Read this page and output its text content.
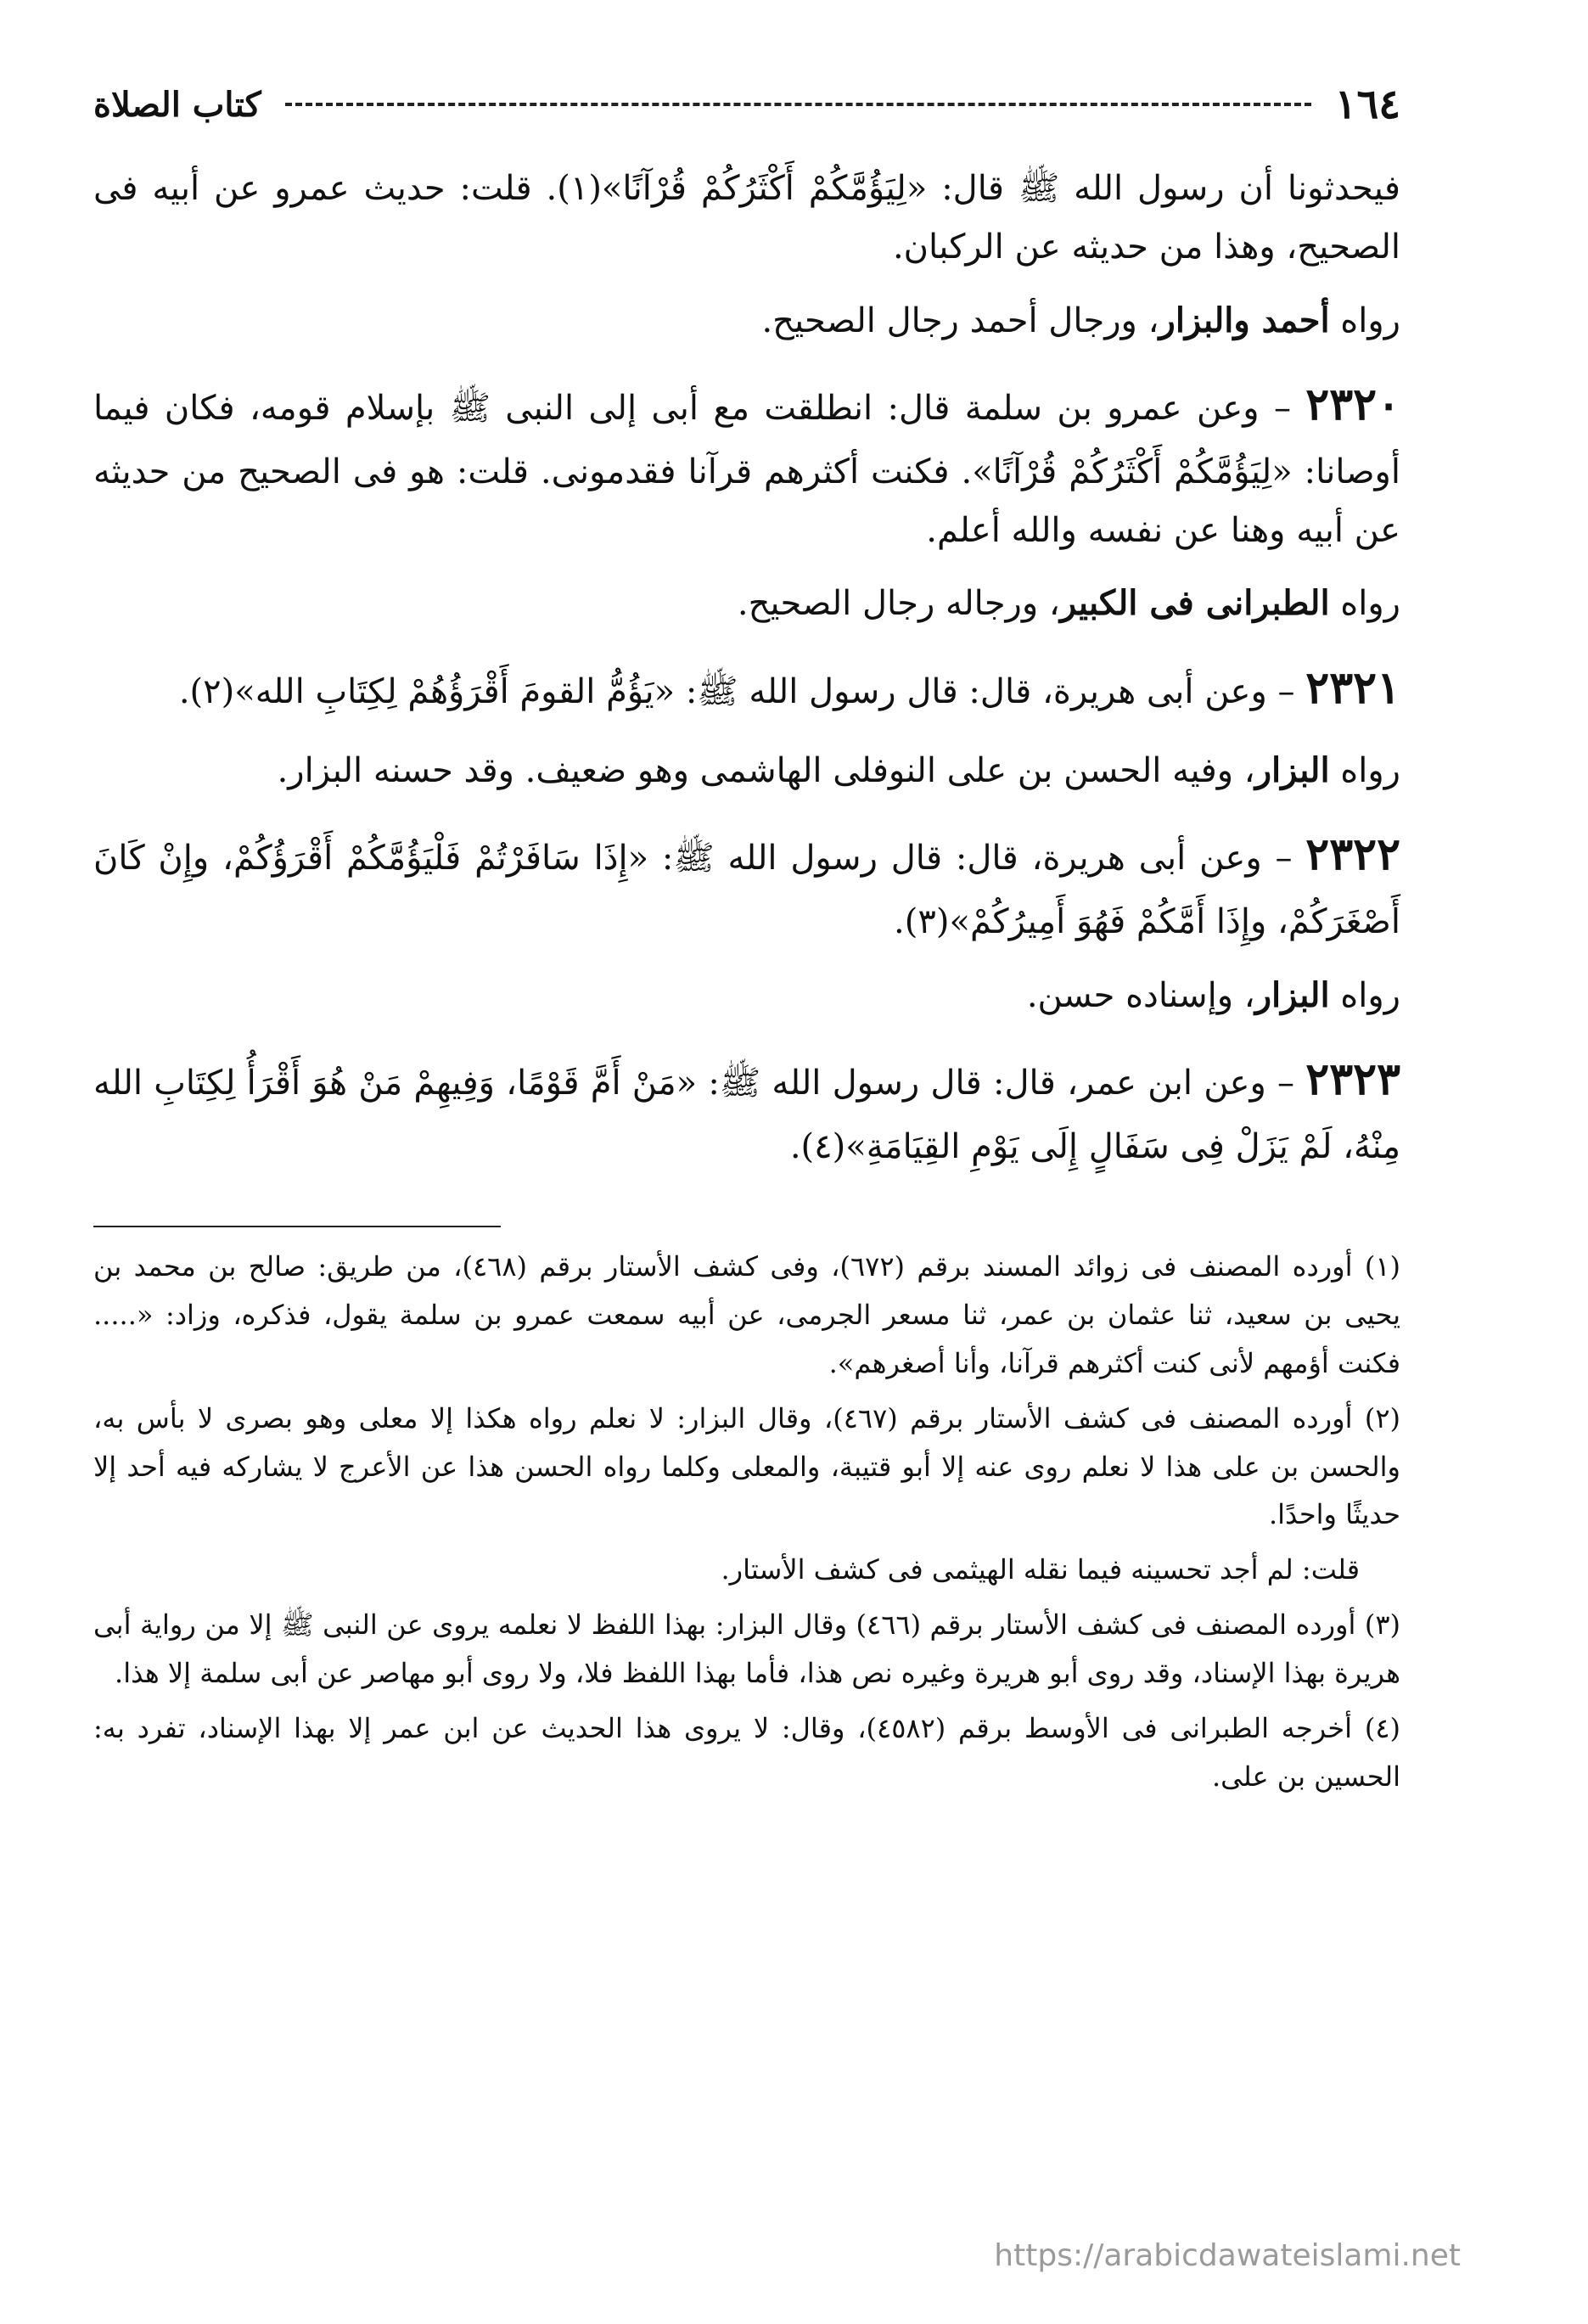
١٦٤
كتاب الصلاة

فيحدثونا أن رسول الله ﷺ قال: «لِيَؤُمَّكُمْ أَكْثَرُكُمْ قُرْآنًا»(١). قلت: حديث عمرو عن أبيه فى الصحيح، وهذا من حديثه عن الركبان.

رواه أحمد والبزار، ورجال أحمد رجال الصحيح.

٢٣٢٠ – وعن عمرو بن سلمة قال: انطلقت مع أبى إلى النبى ﷺ بإسلام قومه، فكان فيما أوصانا: «لِيَؤُمَّكُمْ أَكْثَرُكُمْ قُرْآنًا». فكنت أكثرهم قرآنا فقدمونى. قلت: هو فى الصحيح من حديثه عن أبيه وهنا عن نفسه والله أعلم.

رواه الطبرانى فى الكبير، ورجاله رجال الصحيح.

٢٣٢١ – وعن أبى هريرة، قال: قال رسول الله ﷺ: «يَؤُمُّ القومَ أَقْرَؤُهُمْ لِكِتَابِ الله»(٢).

رواه البزار، وفيه الحسن بن على النوفلى الهاشمى وهو ضعيف. وقد حسنه البزار.

٢٣٢٢ – وعن أبى هريرة، قال: قال رسول الله ﷺ: «إِذَا سَافَرْتُمْ فَلْيَؤُمَّكُمْ أَقْرَؤُكُمْ، وإِنْ كَانَ أَصْغَرَكُمْ، وإِذَا أَمَّكُمْ فَهُوَ أَمِيرُكُمْ»(٣).

رواه البزار، وإسناده حسن.

٢٣٢٣ – وعن ابن عمر، قال: قال رسول الله ﷺ: «مَنْ أَمَّ قَوْمًا، وَفِيهِمْ مَنْ هُوَ أَقْرَأُ لِكِتَابِ الله مِنْهُ، لَمْ يَزَلْ فِى سَفَالٍ إِلَى يَوْمِ القِيَامَةِ»(٤).

(١) أورده المصنف فى زوائد المسند برقم (٦٧٢)، وفى كشف الأستار برقم (٤٦٨)، من طريق: صالح بن محمد بن يحيى بن سعيد، ثنا عثمان بن عمر، ثنا مسعر الجرمى، عن أبيه سمعت عمرو بن سلمة يقول، فذكره، وزاد: «..... فكنت أؤمهم لأنى كنت أكثرهم قرآنا، وأنا أصغرهم».

(٢) أورده المصنف فى كشف الأستار برقم (٤٦٧)، وقال البزار: لا نعلم رواه هكذا إلا معلى وهو بصرى لا بأس به، والحسن بن على هذا لا نعلم روى عنه إلا أبو قتيبة، والمعلى وكلما رواه الحسن هذا عن الأعرج لا يشاركه فيه أحد إلا حديثًا واحدًا.

قلت: لم أجد تحسينه فيما نقله الهيثمى فى كشف الأستار.

(٣) أورده المصنف فى كشف الأستار برقم (٤٦٦) وقال البزار: بهذا اللفظ لا نعلمه يروى عن النبى ﷺ إلا من رواية أبى هريرة بهذا الإسناد، وقد روى أبو هريرة وغيره نص هذا، فأما بهذا اللفظ فلا، ولا روى أبو مهاصر عن أبى سلمة إلا هذا.

(٤) أخرجه الطبرانى فى الأوسط برقم (٤٥٨٢)، وقال: لا يروى هذا الحديث عن ابن عمر إلا بهذا الإسناد، تفرد به: الحسين بن على.

https://arabicdawateislami.net
